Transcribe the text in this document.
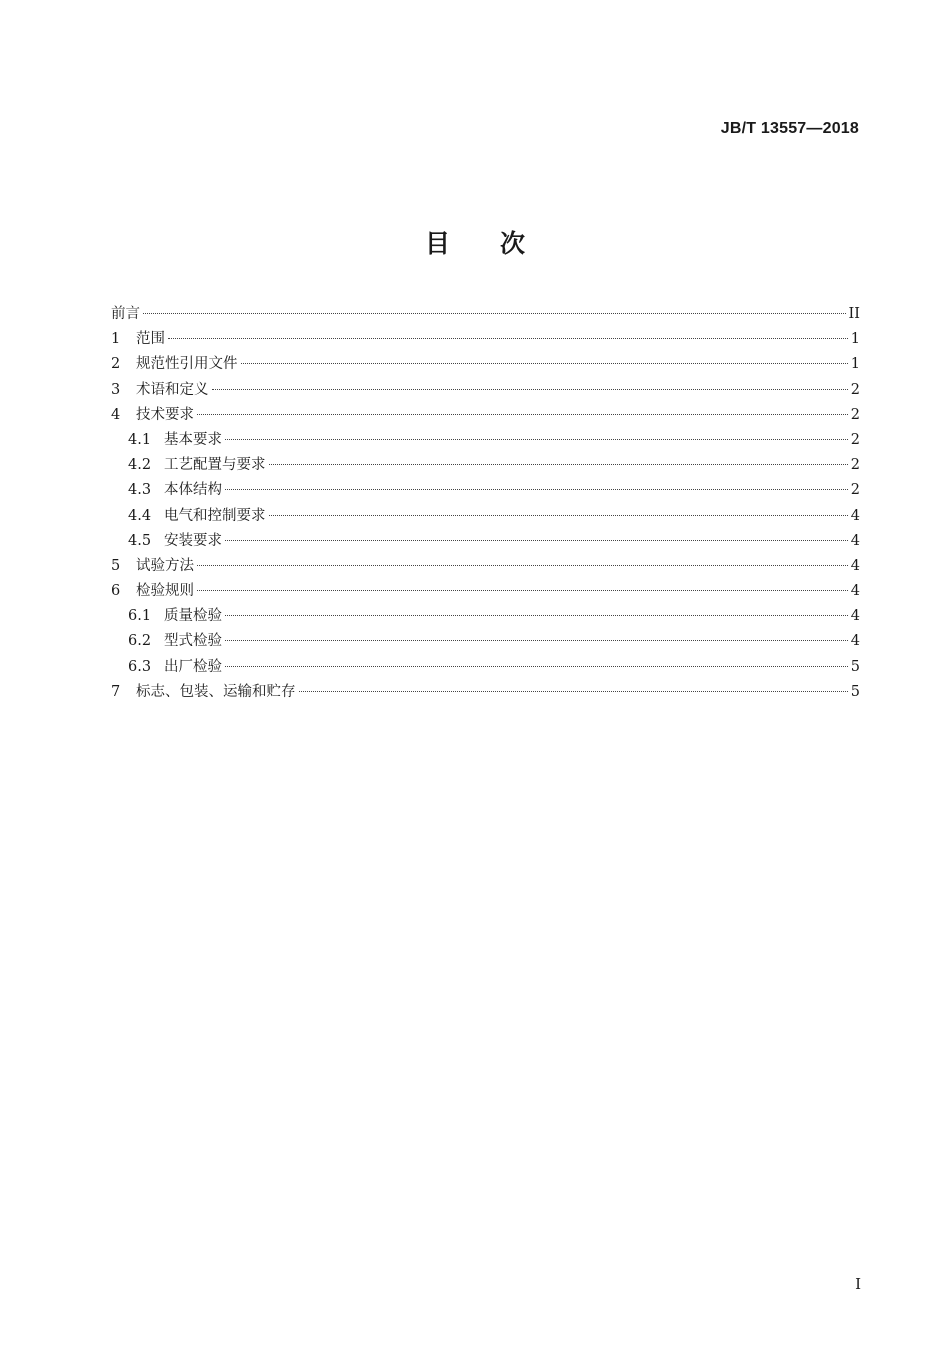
JB/T 13557—2018
目 次
前言	II
1	范围	1
2	规范性引用文件	1
3	术语和定义	2
4	技术要求	2
4.1 基本要求	2
4.2 工艺配置与要求	2
4.3 本体结构	2
4.4 电气和控制要求	4
4.5 安装要求	4
5	试验方法	4
6	检验规则	4
6.1 质量检验	4
6.2 型式检验	4
6.3 出厂检验	5
7	标志、包装、运输和贮存	5
I
